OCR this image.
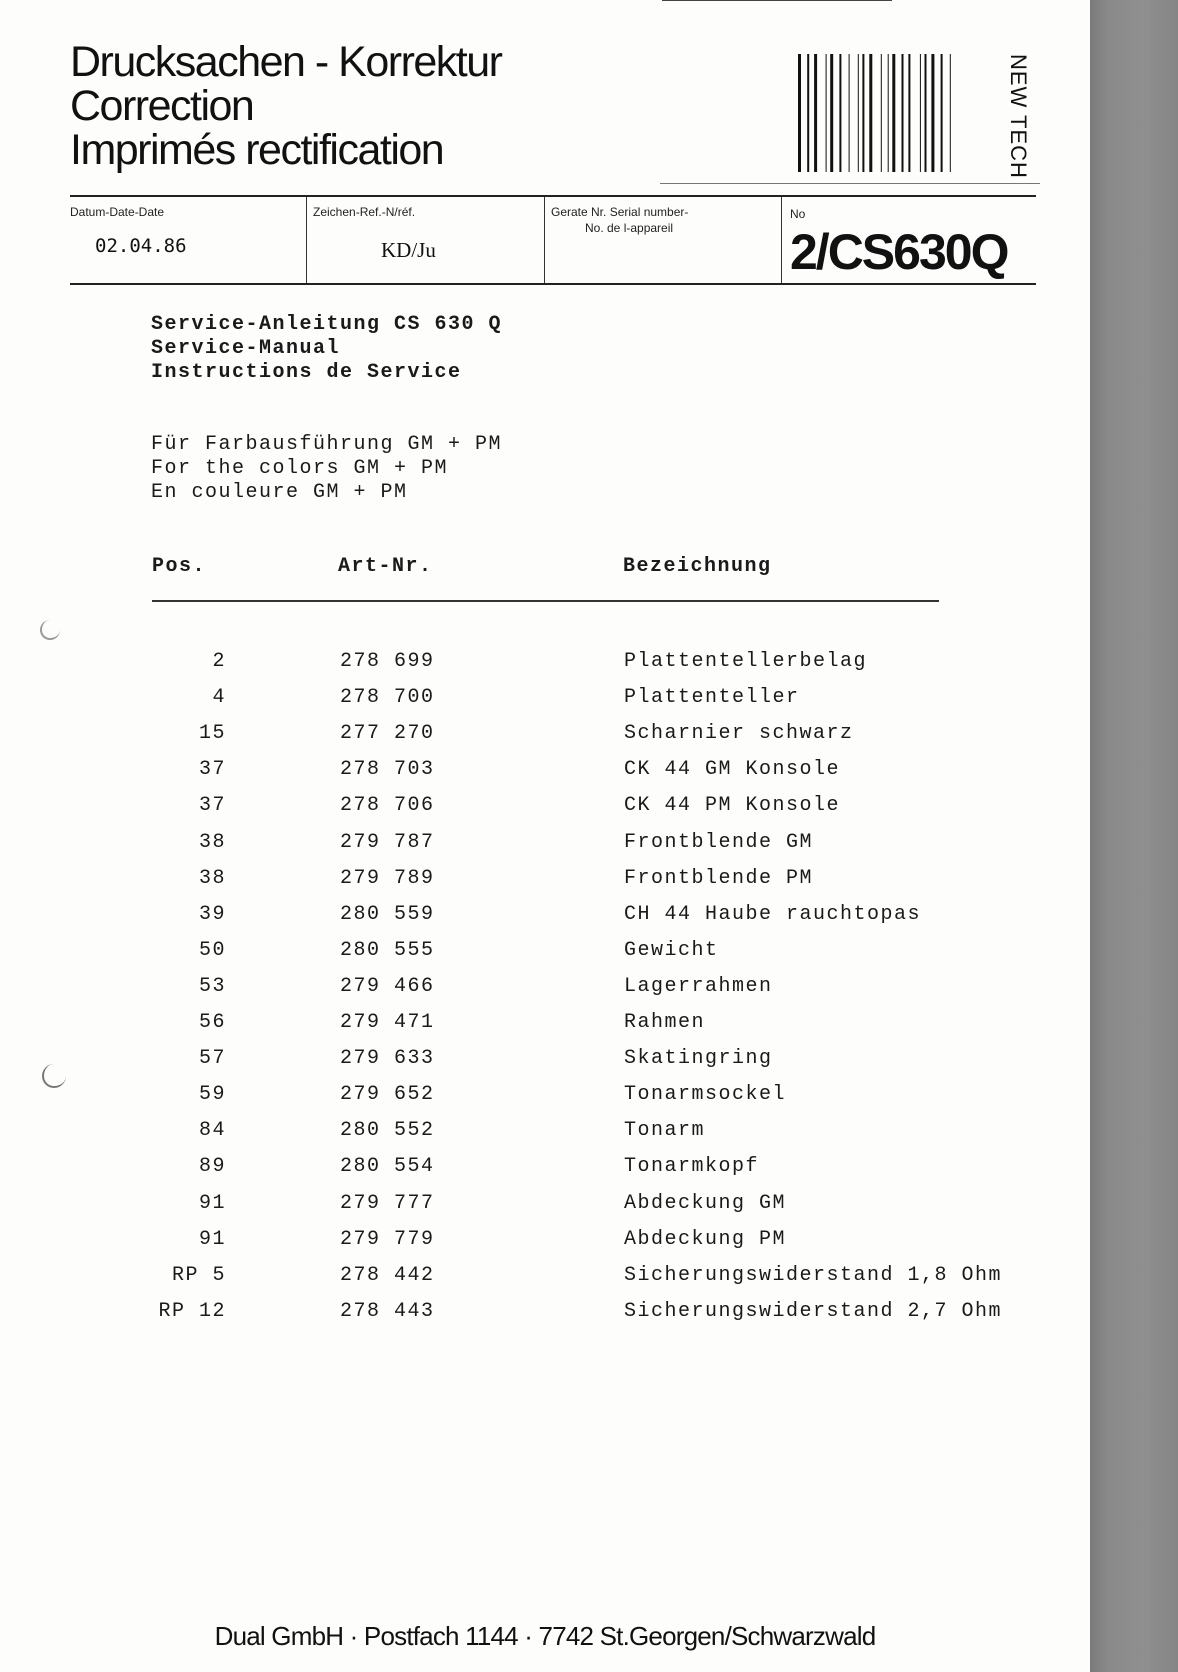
Drucksachen - Korrektur
Correction
Imprimés rectification	NEW TECH
Datum-Date-Date
02.04.86
Zeichen-Ref.-N/réf.
KD/Ju
Gerate Nr. Serial number-
No. de l-appareil
No
2/CS630Q
Service-Anleitung CS 630 Q
Service-Manual
Instructions de Service
Für Farbausführung GM + PM
For the colors GM + PM
En couleure GM + PM
Pos.	Art-Nr.	Bezeichnung
2	278 699	Plattentellerbelag
4	278 700	Plattenteller
15	277 270	Scharnier schwarz
37	278 703	CK 44 GM Konsole
37	278 706	CK 44 PM Konsole
38	279 787	Frontblende GM
38	279 789	Frontblende PM
39	280 559	CH 44 Haube rauchtopas
50	280 555	Gewicht
53	279 466	Lagerrahmen
56	279 471	Rahmen
57	279 633	Skatingring
59	279 652	Tonarmsockel
84	280 552	Tonarm
89	280 554	Tonarmkopf
91	279 777	Abdeckung GM
91	279 779	Abdeckung PM
RP 5	278 442	Sicherungswiderstand 1,8 Ohm
RP 12	278 443	Sicherungswiderstand 2,7 Ohm
Dual GmbH · Postfach 1144 · 7742 St.Georgen/Schwarzwald
